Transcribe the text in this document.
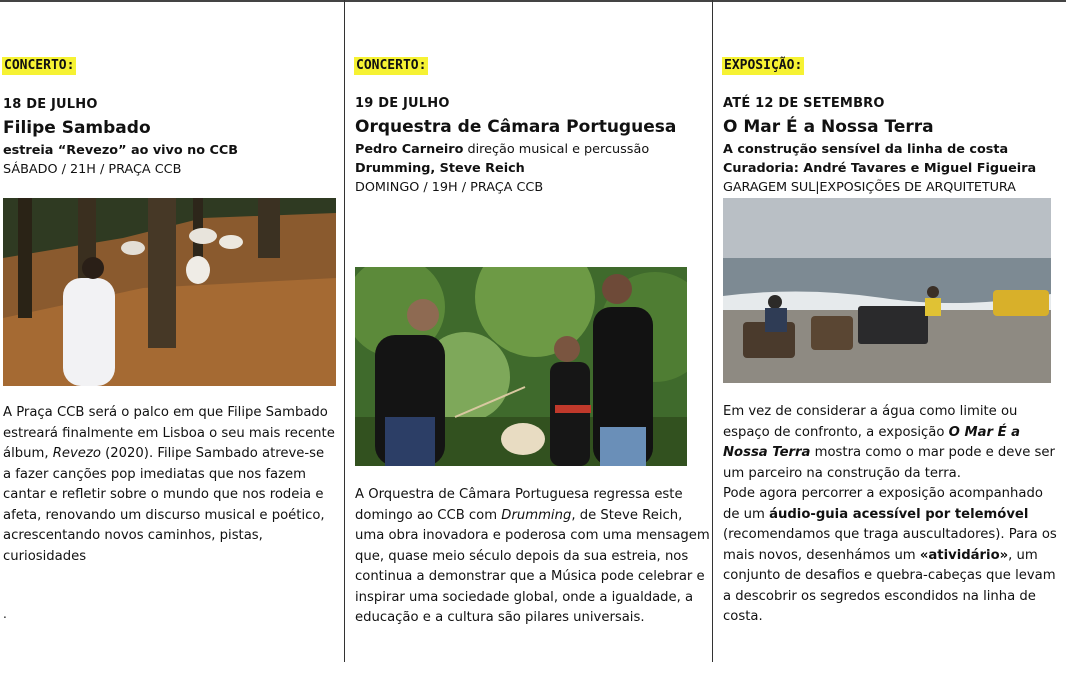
CONCERTO:
18 DE JULHO
Filipe Sambado
estreia “Revezo” ao vivo no CCB
SÁBADO / 21H / PRAÇA CCB

A Praça CCB será o palco em que Filipe Sambado estreará finalmente em Lisboa o seu mais recente álbum, Revezo (2020). Filipe Sambado atreve-se a fazer canções pop imediatas que nos fazem cantar e refletir sobre o mundo que nos rodeia e afeta, renovando um discurso musical e poético, acrescentando novos caminhos, pistas, curiosidades

.
CONCERTO:
19 DE JULHO
Orquestra de Câmara Portuguesa
Pedro Carneiro direção musical e percussão
Drumming, Steve Reich
DOMINGO / 19H / PRAÇA CCB

A Orquestra de Câmara Portuguesa regressa este domingo ao CCB com Drumming, de Steve Reich, uma obra inovadora e poderosa com uma mensagem que, quase meio século depois da sua estreia, nos continua a demonstrar que a Música pode celebrar e inspirar uma sociedade global, onde a igualdade, a educação e a cultura são pilares universais.

EXPOSIÇÃO:
ATÉ 12 DE SETEMBRO
O Mar É a Nossa Terra
A construção sensível da linha de costa
Curadoria: André Tavares e Miguel Figueira
GARAGEM SUL|EXPOSIÇÕES DE ARQUITETURA

Em vez de considerar a água como limite ou espaço de confronto, a exposição O Mar É a Nossa Terra mostra como o mar pode e deve ser um parceiro na construção da terra.
Pode agora percorrer a exposição acompanhado de um áudio-guia acessível por telemóvel (recomendamos que traga auscultadores). Para os mais novos, desenhámos um «atividário», um conjunto de desafios e quebra-cabeças que levam a descobrir os segredos escondidos na linha de costa.
